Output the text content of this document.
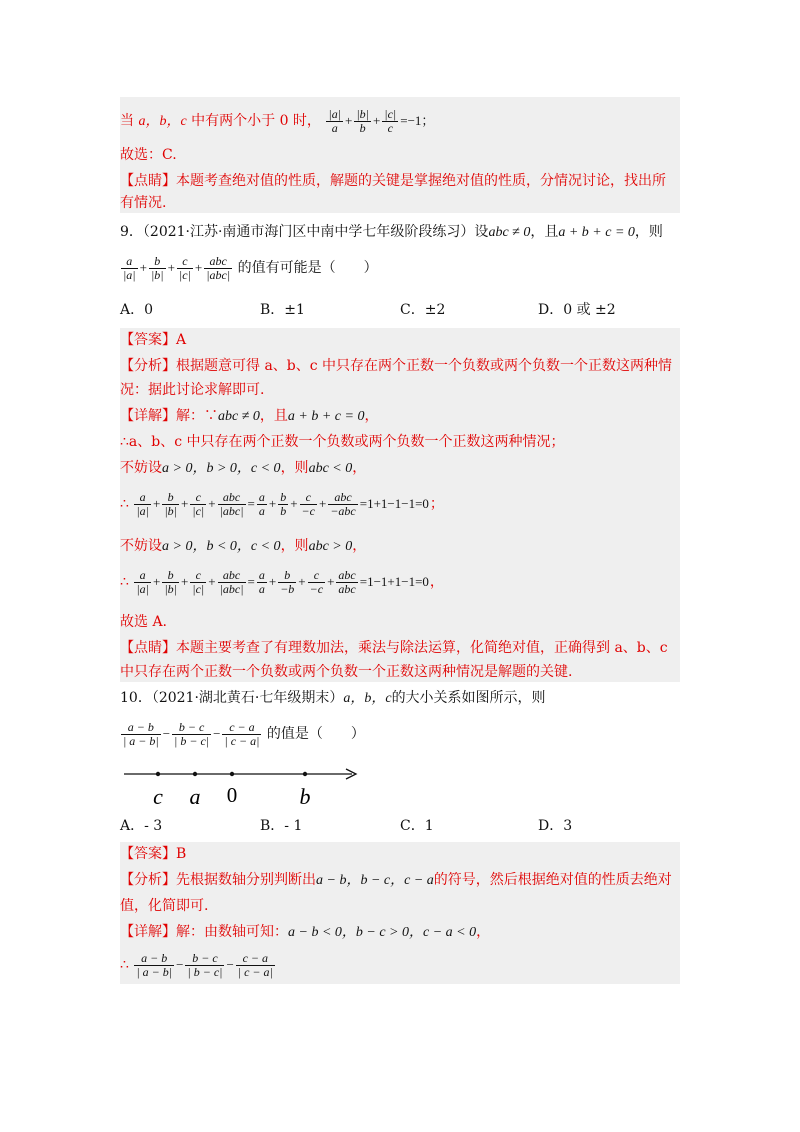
当 a，b，c 中有两个小于 0 时， $\frac{|a|}{a} + \frac{|b|}{b} + \frac{|c|}{c} =-1$；
故选：C.
【点睛】本题考查绝对值的性质，解题的关键是掌握绝对值的性质，分情况讨论，找出所
有情况.
9．（2021·江苏·南通市海门区中南中学七年级阶段练习）设abc ≠ 0，且a + b + c = 0，则
$\frac{a}{|a|} + \frac{b}{|b|} + \frac{c}{|c|} + \frac{\text{abc}}{\text{|abc|}}$ 的值有可能是（　　）
A．0	B．±1	C．±2	D．0 或 ±2
【答案】A
【分析】根据题意可得 a、b、c 中只存在两个正数一个负数或两个负数一个正数这两种情
况：据此讨论求解即可.
【详解】解：∵abc ≠ 0，且a + b + c = 0，
∴a、b、c 中只存在两个正数一个负数或两个负数一个正数这两种情况；
不妨设a > 0，b > 0，c < 0，则abc < 0，
∴ $\frac{a}{|a|} + \frac{b}{|b|} + \frac{c}{|c|} + \frac{\text{abc}}{\text{|abc|}} = \frac{a}{a} + \frac{b}{b} + \frac{c}{-c} + \frac{\text{abc}}{\text{−abc}} =1+1-1-1=0$；
不妨设a > 0，b < 0，c < 0，则abc > 0，
∴ $\frac{a}{|a|} + \frac{b}{|b|} + \frac{c}{|c|} + \frac{\text{abc}}{\text{|abc|}} = \frac{a}{a} + \frac{b}{-b} + \frac{c}{-c} + \frac{\text{abc}}{\text{abc}} =1-1+1-1=0$，
故选 A.
【点睛】本题主要考查了有理数加法，乘法与除法运算，化简绝对值，正确得到 a、b、c
中只存在两个正数一个负数或两个负数一个正数这两种情况是解题的关键.
10．（2021·湖北黄石·七年级期末）a，b，c的大小关系如图所示，则
$\frac{a - b}{| a - b|} - \frac{b - c}{| b - c|} - \frac{c - a}{| c - a|}$ 的值是（　　）
c a 0	b
A．- 3	B．- 1	C．1	D．3
【答案】B
【分析】先根据数轴分别判断出a − b，b − c，c − a的符号，然后根据绝对值的性质去绝对
值，化简即可.
【详解】解：由数轴可知：a − b < 0，b − c > 0，c − a < 0，
∴ $\frac{a - b}{| a - b|} - \frac{b - c}{| b - c|} - \frac{c - a}{| c - a|}$
